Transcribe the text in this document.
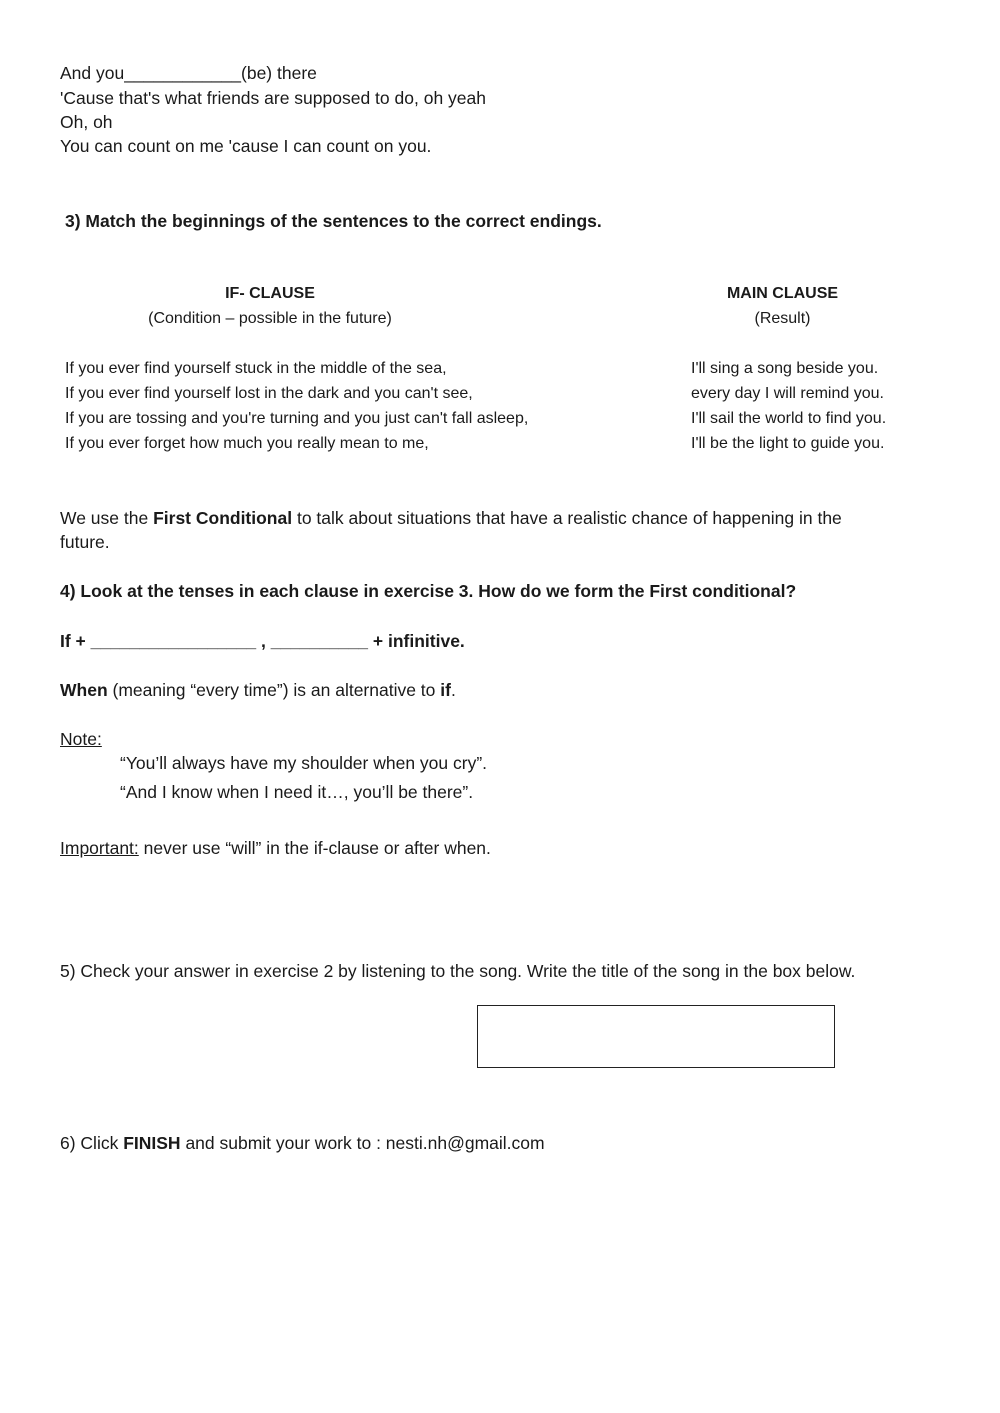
And you____________(be) there
'Cause that's what friends are supposed to do, oh yeah
Oh, oh
You can count on me 'cause I can count on you.
3) Match the beginnings of the sentences to the correct endings.
IF- CLAUSE
(Condition – possible in the future)
MAIN CLAUSE
(Result)
If you ever find yourself stuck in the middle of the sea,
If you ever find yourself lost in the dark and you can't see,
If you are tossing and you're turning and you just can't fall asleep,
If you ever forget how much you really mean to me,
I'll sing a song beside you.
every day I will remind you.
I'll sail the world to find you.
I'll be the light to guide you.
We use the First Conditional to talk about situations that have a realistic chance of happening in the
future.
4) Look at the tenses in each clause in exercise 3. How do we form the First conditional?
If + _________________ , __________ + infinitive.
When (meaning “every time”) is an alternative to if.
Note:
“You’ll always have my shoulder when you cry”.
“And I know when I need it…, you’ll be there”.
Important: never use “will” in the if-clause or after when.
5) Check your answer in exercise 2 by listening to the song. Write the title of the song in the box below.
6) Click FINISH and submit your work to : nesti.nh@gmail.com
